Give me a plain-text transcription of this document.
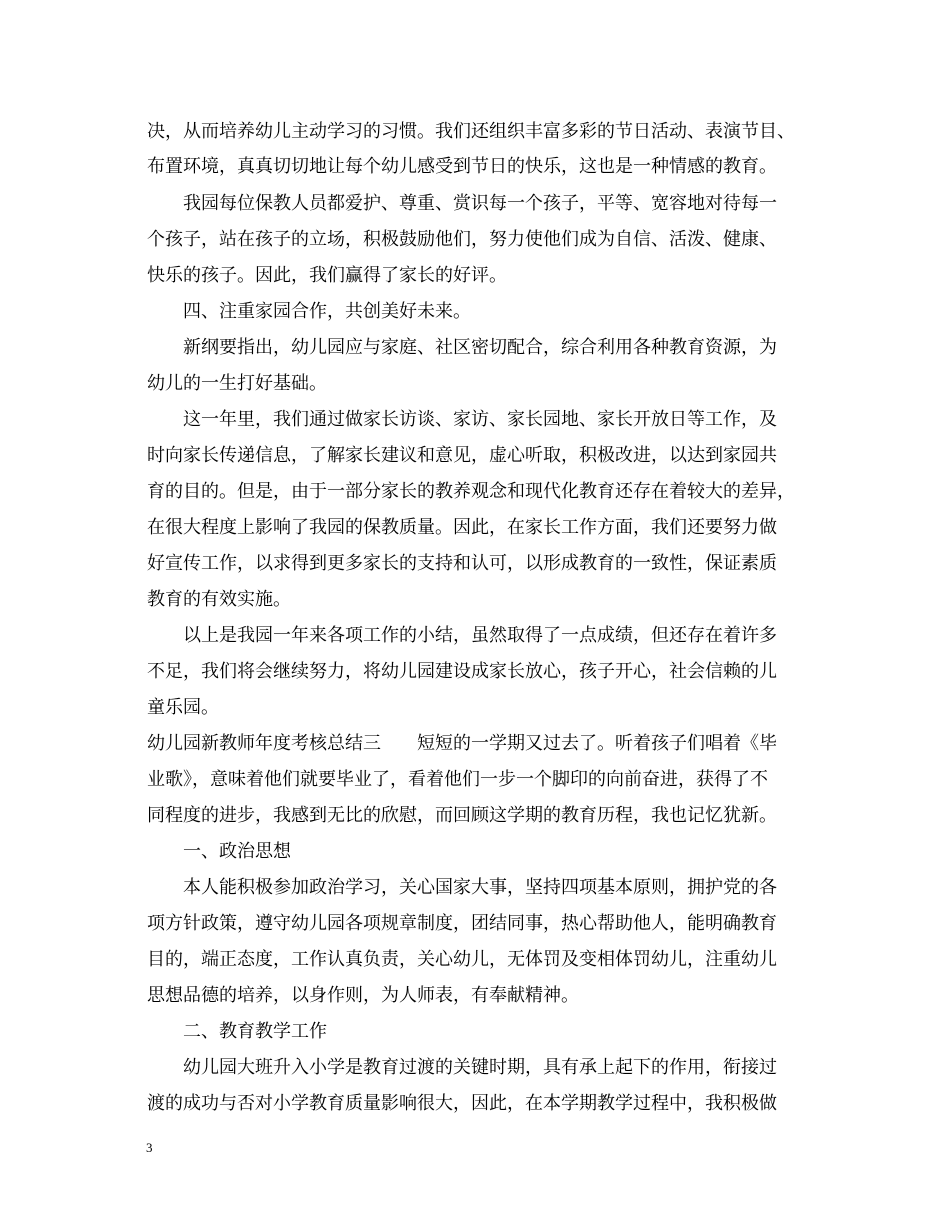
决，从而培养幼儿主动学习的习惯。我们还组织丰富多彩的节日活动、表演节目、
布置环境，真真切切地让每个幼儿感受到节日的快乐，这也是一种情感的教育。
我园每位保教人员都爱护、尊重、赏识每一个孩子，平等、宽容地对待每一
个孩子，站在孩子的立场，积极鼓励他们，努力使他们成为自信、活泼、健康、
快乐的孩子。因此，我们赢得了家长的好评。
四、注重家园合作，共创美好未来。
新纲要指出，幼儿园应与家庭、社区密切配合，综合利用各种教育资源，为
幼儿的一生打好基础。
这一年里，我们通过做家长访谈、家访、家长园地、家长开放日等工作，及
时向家长传递信息，了解家长建议和意见，虚心听取，积极改进，以达到家园共
育的目的。但是，由于一部分家长的教养观念和现代化教育还存在着较大的差异，
在很大程度上影响了我园的保教质量。因此，在家长工作方面，我们还要努力做
好宣传工作，以求得到更多家长的支持和认可，以形成教育的一致性，保证素质
教育的有效实施。
以上是我园一年来各项工作的小结，虽然取得了一点成绩，但还存在着许多
不足，我们将会继续努力，将幼儿园建设成家长放心，孩子开心，社会信赖的儿
童乐园。
幼儿园新教师年度考核总结三　　短短的一学期又过去了。听着孩子们唱着《毕
业歌》，意味着他们就要毕业了，看着他们一步一个脚印的向前奋进，获得了不
同程度的进步，我感到无比的欣慰，而回顾这学期的教育历程，我也记忆犹新。
一、政治思想
本人能积极参加政治学习，关心国家大事，坚持四项基本原则，拥护党的各
项方针政策，遵守幼儿园各项规章制度，团结同事，热心帮助他人，能明确教育
目的，端正态度，工作认真负责，关心幼儿，无体罚及变相体罚幼儿，注重幼儿
思想品德的培养，以身作则，为人师表，有奉献精神。
二、教育教学工作
幼儿园大班升入小学是教育过渡的关键时期，具有承上起下的作用，衔接过
渡的成功与否对小学教育质量影响很大，因此，在本学期教学过程中，我积极做
3
